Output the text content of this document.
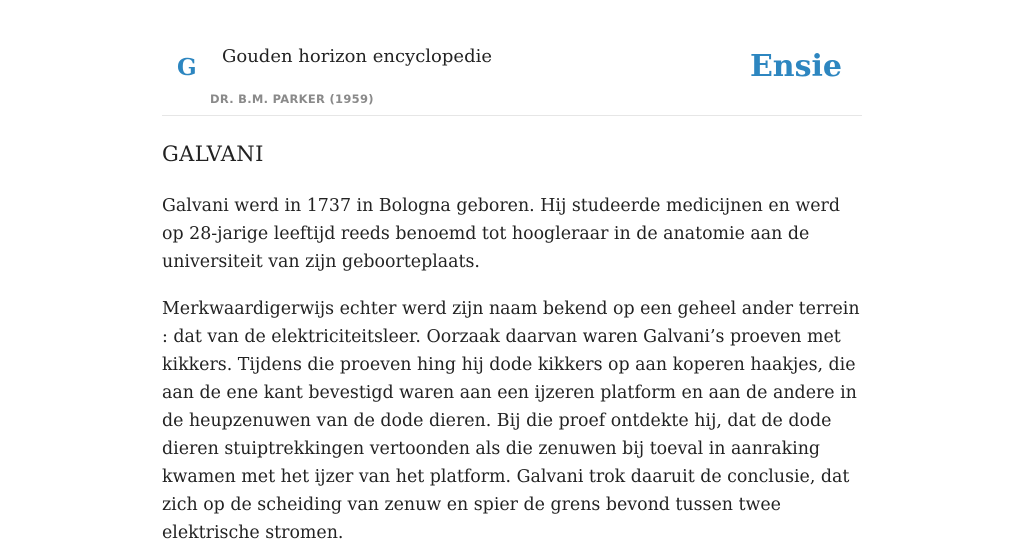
G Gouden horizon encyclopedie
DR. B.M. PARKER (1959)
Ensie
GALVANI

Galvani werd in 1737 in Bologna geboren. Hij studeerde medicijnen en werd op 28-jarige leeftijd reeds benoemd tot hoogleraar in de anatomie aan de universiteit van zijn geboorteplaats.

Merkwaardigerwijs echter werd zijn naam bekend op een geheel ander terrein : dat van de elektriciteitsleer. Oorzaak daarvan waren Galvani’s proeven met kikkers. Tijdens die proeven hing hij dode kikkers op aan koperen haakjes, die aan de ene kant bevestigd waren aan een ijzeren platform en aan de andere in de heupzenuwen van de dode dieren. Bij die proef ontdekte hij, dat de dode dieren stuiptrekkingen vertoonden als die zenuwen bij toeval in aanraking kwamen met het ijzer van het platform. Galvani trok daaruit de conclusie, dat zich op de scheiding van zenuw en spier de grens bevond tussen twee elektrische stromen.
